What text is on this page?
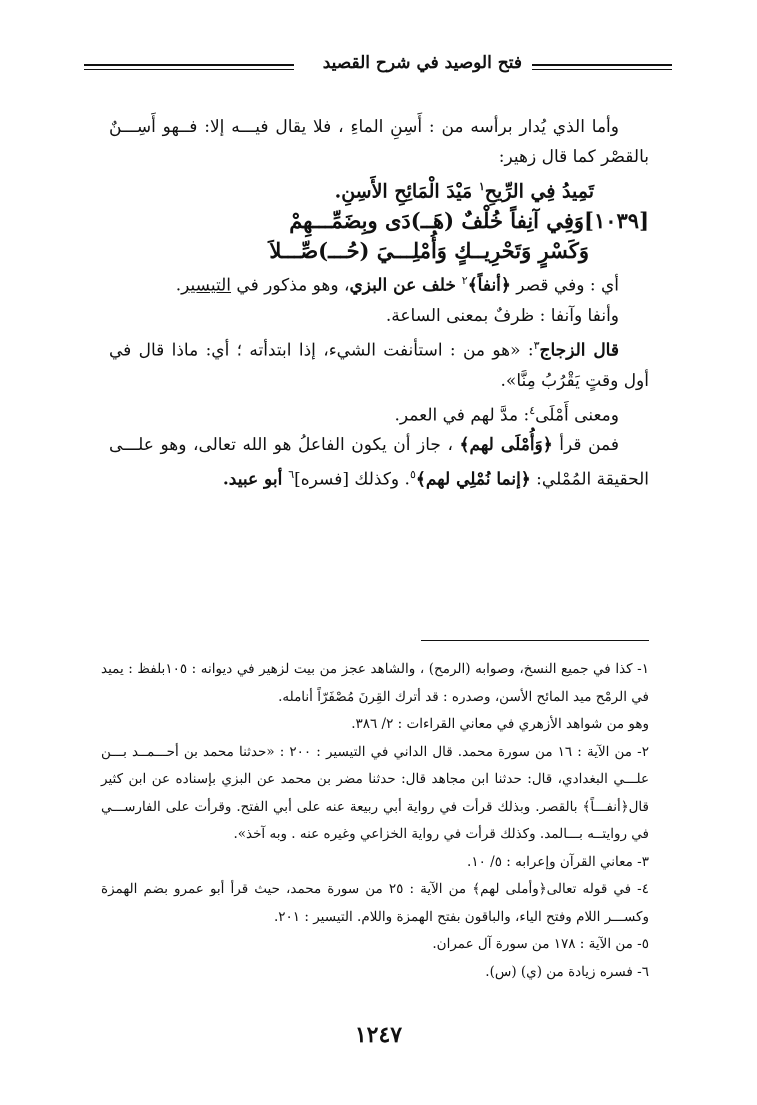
فتح الوصيد في شرح القصيد

وأما الذي يُدار برأسه من : أَسِنِ الماءِ ، فلا يقال فيـــه إلا: فــهو أَسِـــنٌ بالقصْر كما قال زهير:

تَمِيدُ فِي الرِّيحِ$^١$ مَيْدَ الْمَائِحِ الأَسِنِ.

[١٠٣٩]وَفِي آنِفاً خُلْفٌ (هَــ)دَى وبِضَمِّـــهِمْ

وَكَسْرٍ وَتَحْرِيــكٍ وَأُمْلِـــيَ (حُـــ)صِّـــلاَ

أي : وفي قصر ﴿أنفاً﴾$^٢$ خلف عن البزي، وهو مذكور في التيسير.

وأنفا وآنفا : ظرفٌ بمعنى الساعة.

قال الزجاج$^٣$: «هو من : استأنفت الشيء، إذا ابتدأته ؛ أي: ماذا قال في أول وقتٍ يَقْرُبُ مِنَّا».

ومعنى أَمْلَى$^٤$: مدَّ لهم في العمر.

فمن قرأ ﴿وَأُمْلَى لهم﴾ ، جاز أن يكون الفاعلُ هو الله تعالى، وهو علـــى الحقيقة المُمْلي: ﴿إنما نُمْلِي لهم﴾$^٥$. وكذلك [فسره]$^٦$ أبو عبيد.

١- كذا في جميع النسخ، وصوابه (الرمح) ، والشاهد عجز من بيت لزهير في ديوانه : ١٠٥بلفظ : يميد في الرمْح ميد المائح الأسن، وصدره : قد أترك القِرنَ مُصْفَرّاً أنامله.

وهو من شواهد الأزهري في معاني القراءات : ٢/ ٣٨٦.

٢- من الآية : ١٦ من سورة محمد. قال الداني في التيسير : ٢٠٠ : «حدثنا محمد بن أحـــمــد بـــن علـــي البغدادي، قال: حدثنا ابن مجاهد قال: حدثنا مضر بن محمد عن البزي بإسناده عن ابن كثير قال﴿أنفـــاً﴾ بالقصر. وبذلك قرأت في رواية أبي ربيعة عنه على أبي الفتح. وقرأت على الفارســـي في روايتــه بـــالمد. وكذلك قرأت في رواية الخزاعي وغيره عنه . وبه آخذ».

٣- معاني القرآن وإعرابه : ٥/ ١٠.

٤- في قوله تعالى﴿وأملى لهم﴾ من الآية : ٢٥ من سورة محمد، حيث قرأ أبو عمرو بضم الهمزة وكســـر اللام وفتح الياء، والباقون بفتح الهمزة واللام. التيسير : ٢٠١.

٥- من الآية : ١٧٨ من سورة آل عمران.

٦- فسره زيادة من (ي) (س).

١٢٤٧
